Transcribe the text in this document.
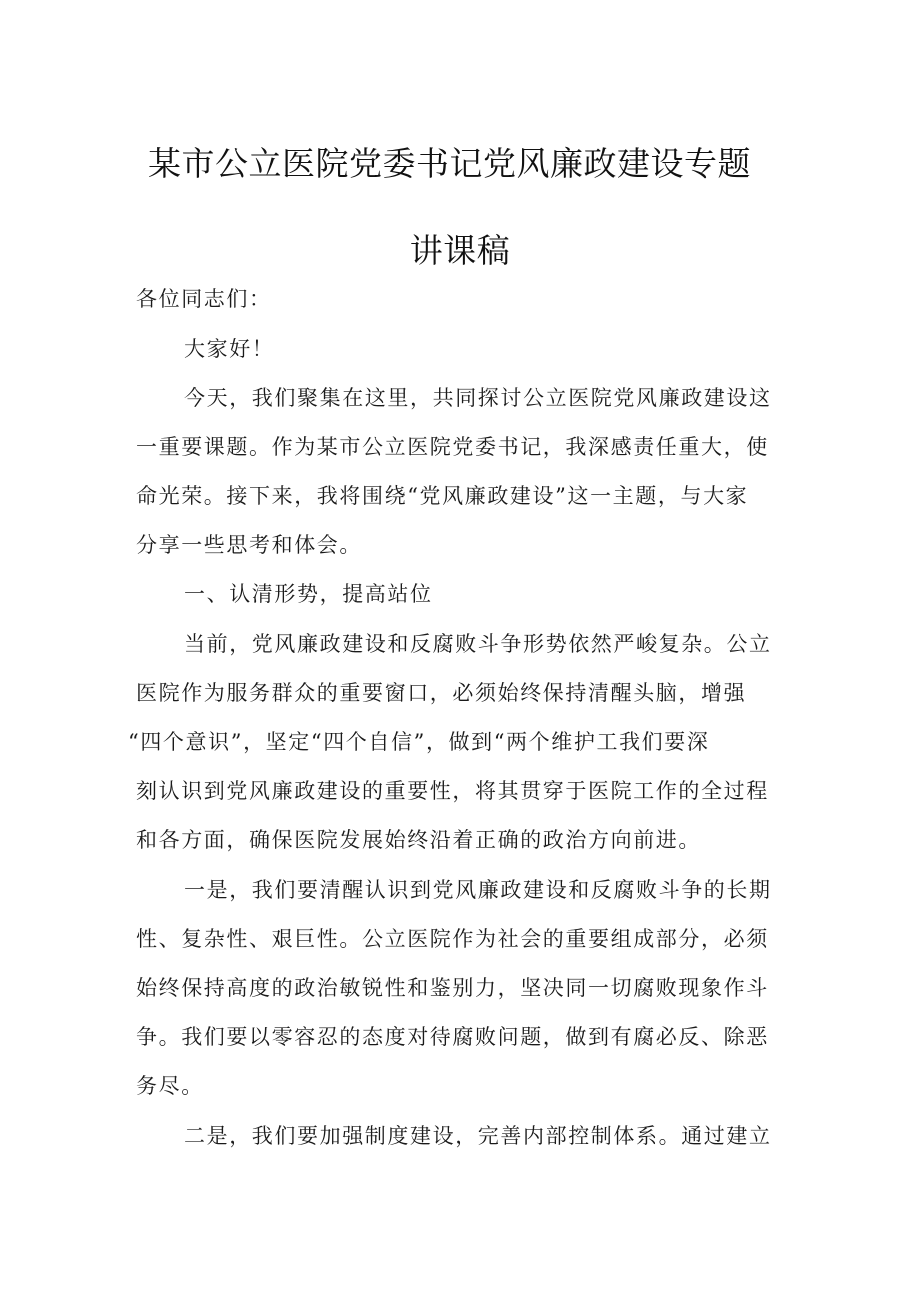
某市公立医院党委书记党风廉政建设专题
讲课稿
各位同志们：
大家好！
今天，我们聚集在这里，共同探讨公立医院党风廉政建设这
一重要课题。作为某市公立医院党委书记，我深感责任重大，使
命光荣。接下来，我将围绕“党风廉政建设”这一主题，与大家
分享一些思考和体会。
一、认清形势，提高站位
当前，党风廉政建设和反腐败斗争形势依然严峻复杂。公立
医院作为服务群众的重要窗口，必须始终保持清醒头脑，增强
“四个意识”，坚定“四个自信”，做到“两个维护工我们要深
刻认识到党风廉政建设的重要性，将其贯穿于医院工作的全过程
和各方面，确保医院发展始终沿着正确的政治方向前进。
一是，我们要清醒认识到党风廉政建设和反腐败斗争的长期
性、复杂性、艰巨性。公立医院作为社会的重要组成部分，必须
始终保持高度的政治敏锐性和鉴别力，坚决同一切腐败现象作斗
争。我们要以零容忍的态度对待腐败问题，做到有腐必反、除恶
务尽。
二是，我们要加强制度建设，完善内部控制体系。通过建立
